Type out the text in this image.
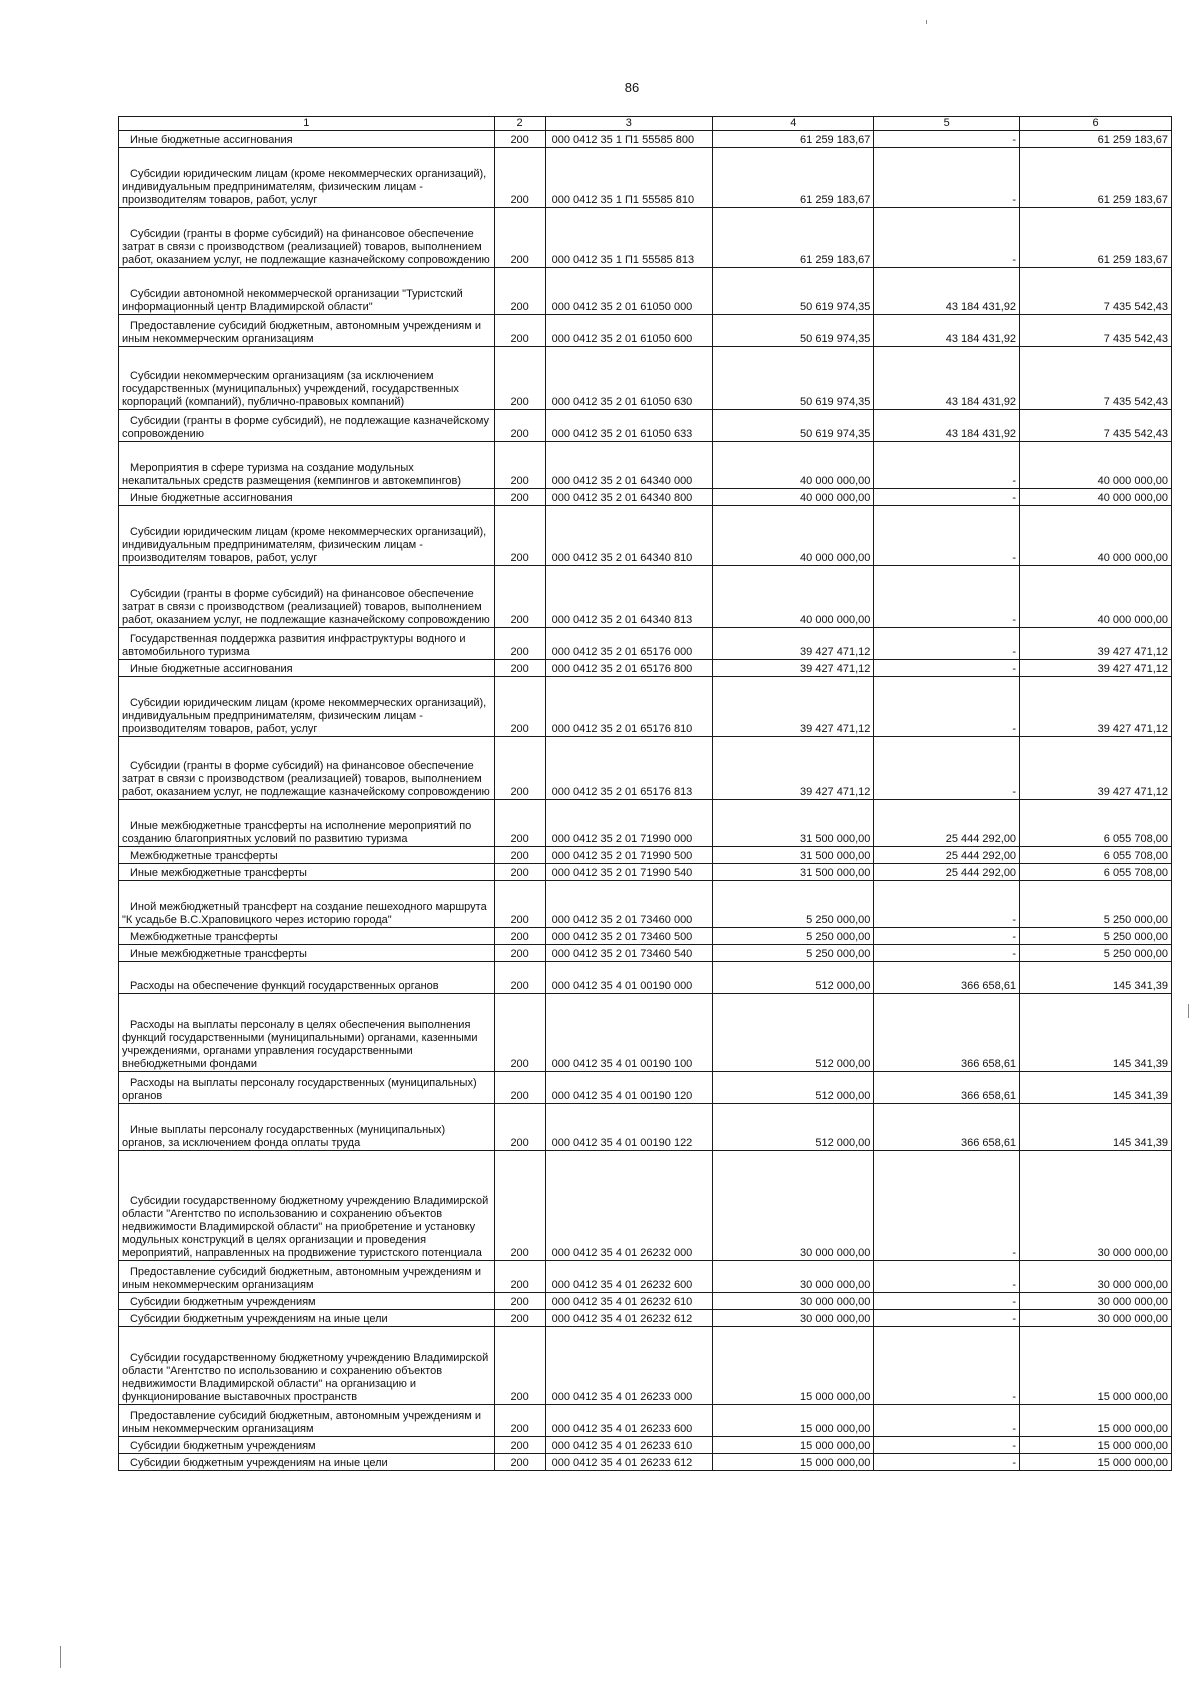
86
1	2	3	4	5	6

Иные бюджетные ассигнования	200	000 0412 35 1 П1 55585 800	61 259 183,67	-	61 259 183,67

Субсидии юридическим лицам (кроме некоммерческих организаций), индивидуальным предпринимателям, физическим лицам - производителям товаров, работ, услуг	200	000 0412 35 1 П1 55585 810	61 259 183,67	-	61 259 183,67

Субсидии (гранты в форме субсидий) на финансовое обеспечение затрат в связи с производством (реализацией) товаров, выполнением работ, оказанием услуг, не подлежащие казначейскому сопровождению	200	000 0412 35 1 П1 55585 813	61 259 183,67	-	61 259 183,67

Субсидии автономной некоммерческой организации "Туристский информационный центр Владимирской области"	200	000 0412 35 2 01 61050 000	50 619 974,35	43 184 431,92	7 435 542,43

Предоставление субсидий бюджетным, автономным учреждениям и иным некоммерческим организациям	200	000 0412 35 2 01 61050 600	50 619 974,35	43 184 431,92	7 435 542,43

Субсидии некоммерческим организациям (за исключением государственных (муниципальных) учреждений, государственных корпораций (компаний), публично-правовых компаний)	200	000 0412 35 2 01 61050 630	50 619 974,35	43 184 431,92	7 435 542,43

Субсидии (гранты в форме субсидий), не подлежащие казначейскому сопровождению	200	000 0412 35 2 01 61050 633	50 619 974,35	43 184 431,92	7 435 542,43

Мероприятия в сфере туризма на создание модульных некапитальных средств размещения (кемпингов и автокемпингов)	200	000 0412 35 2 01 64340 000	40 000 000,00	-	40 000 000,00

Иные бюджетные ассигнования	200	000 0412 35 2 01 64340 800	40 000 000,00	-	40 000 000,00

Субсидии юридическим лицам (кроме некоммерческих организаций), индивидуальным предпринимателям, физическим лицам - производителям товаров, работ, услуг	200	000 0412 35 2 01 64340 810	40 000 000,00	-	40 000 000,00

Субсидии (гранты в форме субсидий) на финансовое обеспечение затрат в связи с производством (реализацией) товаров, выполнением работ, оказанием услуг, не подлежащие казначейскому сопровождению	200	000 0412 35 2 01 64340 813	40 000 000,00	-	40 000 000,00

Государственная поддержка развития инфраструктуры водного и автомобильного туризма	200	000 0412 35 2 01 65176 000	39 427 471,12	-	39 427 471,12

Иные бюджетные ассигнования	200	000 0412 35 2 01 65176 800	39 427 471,12	-	39 427 471,12

Субсидии юридическим лицам (кроме некоммерческих организаций), индивидуальным предпринимателям, физическим лицам - производителям товаров, работ, услуг	200	000 0412 35 2 01 65176 810	39 427 471,12	-	39 427 471,12

Субсидии (гранты в форме субсидий) на финансовое обеспечение затрат в связи с производством (реализацией) товаров, выполнением работ, оказанием услуг, не подлежащие казначейскому сопровождению	200	000 0412 35 2 01 65176 813	39 427 471,12	-	39 427 471,12

Иные межбюджетные трансферты на исполнение мероприятий по созданию благоприятных условий по развитию туризма	200	000 0412 35 2 01 71990 000	31 500 000,00	25 444 292,00	6 055 708,00

Межбюджетные трансферты	200	000 0412 35 2 01 71990 500	31 500 000,00	25 444 292,00	6 055 708,00

Иные межбюджетные трансферты	200	000 0412 35 2 01 71990 540	31 500 000,00	25 444 292,00	6 055 708,00

Иной межбюджетный трансферт на создание пешеходного маршрута "К усадьбе В.С.Храповицкого через историю города"	200	000 0412 35 2 01 73460 000	5 250 000,00	-	5 250 000,00

Межбюджетные трансферты	200	000 0412 35 2 01 73460 500	5 250 000,00	-	5 250 000,00

Иные межбюджетные трансферты	200	000 0412 35 2 01 73460 540	5 250 000,00	-	5 250 000,00

Расходы на обеспечение функций государственных органов	200	000 0412 35 4 01 00190 000	512 000,00	366 658,61	145 341,39

Расходы на выплаты персоналу в целях обеспечения выполнения функций государственными (муниципальными) органами, казенными учреждениями, органами управления государственными внебюджетными фондами	200	000 0412 35 4 01 00190 100	512 000,00	366 658,61	145 341,39

Расходы на выплаты персоналу государственных (муниципальных) органов	200	000 0412 35 4 01 00190 120	512 000,00	366 658,61	145 341,39

Иные выплаты персоналу государственных (муниципальных) органов, за исключением фонда оплаты труда	200	000 0412 35 4 01 00190 122	512 000,00	366 658,61	145 341,39

Субсидии государственному бюджетному учреждению Владимирской области "Агентство по использованию и сохранению объектов недвижимости Владимирской области" на приобретение и установку модульных конструкций в целях организации и проведения мероприятий, направленных на продвижение туристского потенциала	200	000 0412 35 4 01 26232 000	30 000 000,00	-	30 000 000,00

Предоставление субсидий бюджетным, автономным учреждениям и иным некоммерческим организациям	200	000 0412 35 4 01 26232 600	30 000 000,00	-	30 000 000,00

Субсидии бюджетным учреждениям	200	000 0412 35 4 01 26232 610	30 000 000,00	-	30 000 000,00

Субсидии бюджетным учреждениям на иные цели	200	000 0412 35 4 01 26232 612	30 000 000,00	-	30 000 000,00

Субсидии государственному бюджетному учреждению Владимирской области "Агентство по использованию и сохранению объектов недвижимости Владимирской области" на организацию и функционирование выставочных пространств	200	000 0412 35 4 01 26233 000	15 000 000,00	-	15 000 000,00

Предоставление субсидий бюджетным, автономным учреждениям и иным некоммерческим организациям	200	000 0412 35 4 01 26233 600	15 000 000,00	-	15 000 000,00

Субсидии бюджетным учреждениям	200	000 0412 35 4 01 26233 610	15 000 000,00	-	15 000 000,00

Субсидии бюджетным учреждениям на иные цели	200	000 0412 35 4 01 26233 612	15 000 000,00	-	15 000 000,00
